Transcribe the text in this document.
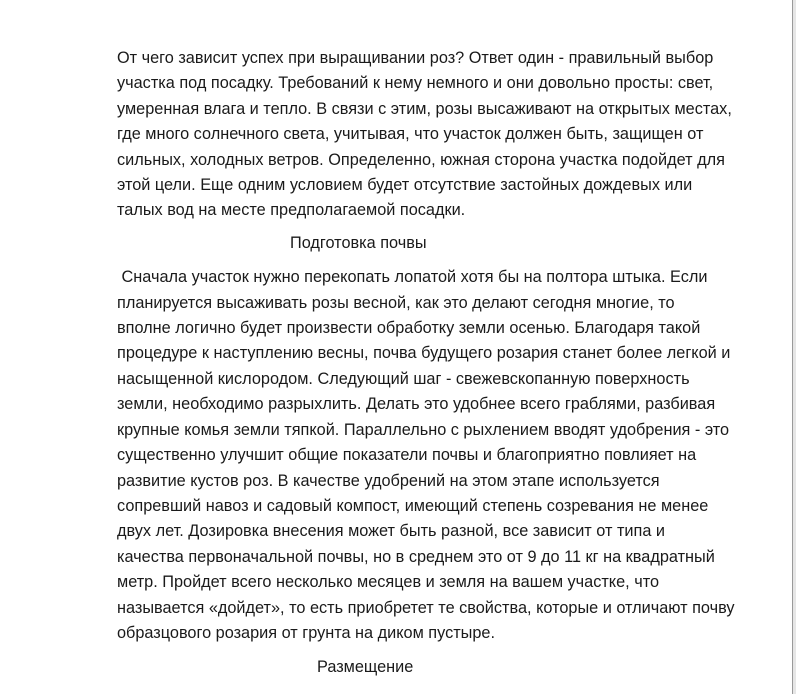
От чего зависит успех при выращивании роз? Ответ один - правильный выбор
участка под посадку. Требований к нему немного и они довольно просты: свет,
умеренная влага и тепло. В связи с этим, розы высаживают на открытых местах,
где много солнечного света, учитывая, что участок должен быть, защищен от
сильных, холодных ветров. Определенно, южная сторона участка подойдет для
этой цели. Еще одним условием будет отсутствие застойных дождевых или
талых вод на месте предполагаемой посадки.
Подготовка почвы
Сначала участок нужно перекопать лопатой хотя бы на полтора штыка. Если
планируется высаживать розы весной, как это делают сегодня многие, то
вполне логично будет произвести обработку земли осенью. Благодаря такой
процедуре к наступлению весны, почва будущего розария станет более легкой и
насыщенной кислородом. Следующий шаг - свежевскопанную поверхность
земли, необходимо разрыхлить. Делать это удобнее всего граблями, разбивая
крупные комья земли тяпкой. Параллельно с рыхлением вводят удобрения - это
существенно улучшит общие показатели почвы и благоприятно повлияет на
развитие кустов роз. В качестве удобрений на этом этапе используется
сопревший навоз и садовый компост, имеющий степень созревания не менее
двух лет. Дозировка внесения может быть разной, все зависит от типа и
качества первоначальной почвы, но в среднем это от 9 до 11 кг на квадратный
метр. Пройдет всего несколько месяцев и земля на вашем участке, что
называется «дойдет», то есть приобретет те свойства, которые и отличают почву
образцового розария от грунта на диком пустыре.
Размещение
